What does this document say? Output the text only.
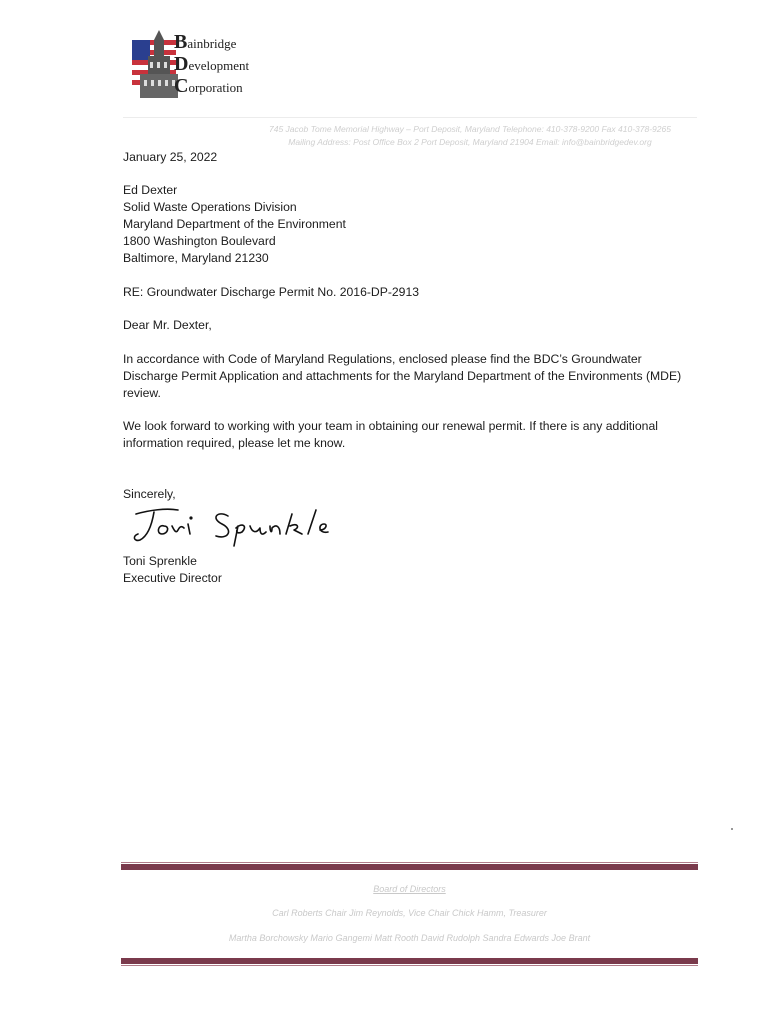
Bainbridge
Development
Corporation
745 Jacob Tome Memorial Highway – Port Deposit, Maryland Telephone: 410-378-9200 Fax 410-378-9265
Mailing Address: Post Office Box 2 Port Deposit, Maryland 21904 Email: info@bainbridgedev.org
January 25, 2022
Ed Dexter
Solid Waste Operations Division
Maryland Department of the Environment
1800 Washington Boulevard
Baltimore, Maryland 21230
RE: Groundwater Discharge Permit No. 2016-DP-2913
Dear Mr. Dexter,
In accordance with Code of Maryland Regulations, enclosed please find the BDC’s Groundwater
Discharge Permit Application and attachments for the Maryland Department of the Environments (MDE)
review.
We look forward to working with your team in obtaining our renewal permit. If there is any additional
information required, please let me know.
Sincerely,
Toni Sprenkle
Executive Director
Board of Directors
Carl Roberts Chair Jim Reynolds, Vice Chair Chick Hamm, Treasurer
Martha Borchowsky Mario Gangemi Matt Rooth David Rudolph Sandra Edwards Joe Brant
